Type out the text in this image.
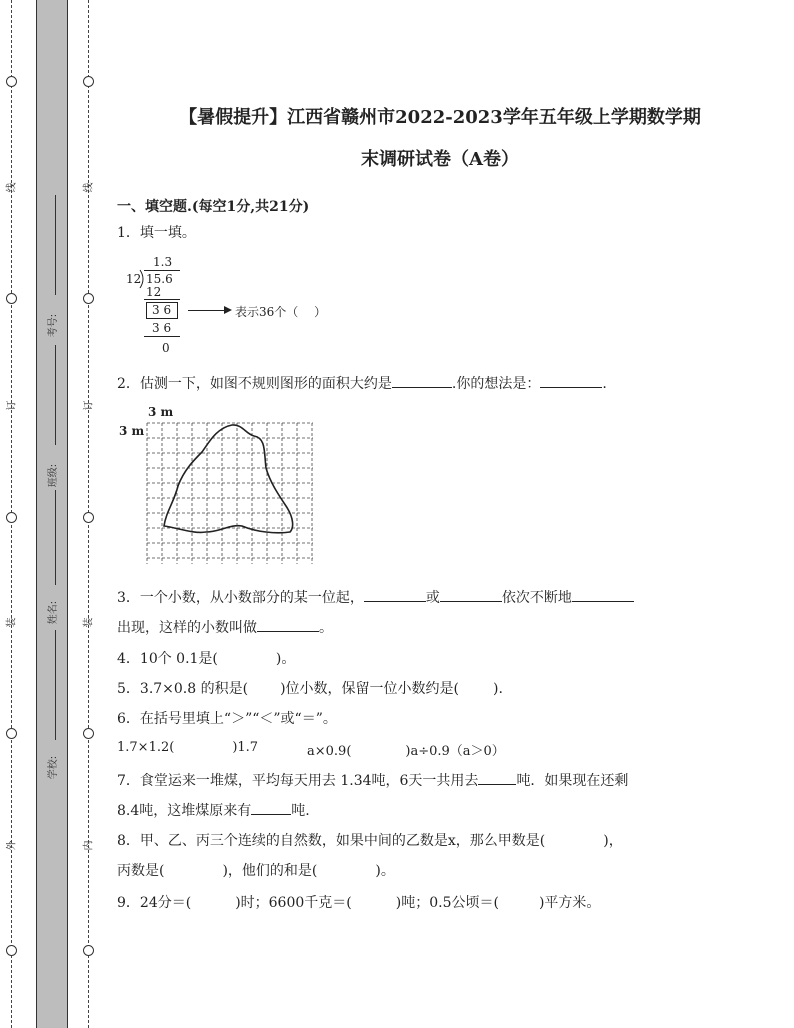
线
订
装
外
线
订
装
内
考号:
班级:
姓名:
学校:
【暑假提升】江西省赣州市2022-2023学年五年级上学期数学期
末调研试卷（A卷）
一、填空题.(每空1分,共21分)
1．填一填。
1.3
12 15.6
12
3 6	表示36个（　 ）
3 6
0
2．估测一下，如图不规则图形的面积大约是	.你的想法是：	.
3 m
3 m
3．一个小数，从小数部分的某一位起，	或	依次不断地
出现，这样的小数叫做	。
4．10个 0.1是(	)。
5．3.7×0.8 的积是( )位小数，保留一位小数约是( ).
6．在括号里填上“＞”“＜”或“＝”。
1.7×1.2(	)1.7	a×0.9(	)a÷0.9（a＞0）
7．食堂运来一堆煤，平均每天用去 1.34吨，6天一共用去	吨．如果现在还剩
8.4吨，这堆煤原来有	吨.
8．甲、乙、丙三个连续的自然数，如果中间的乙数是x，那么甲数是(	)，
丙数是(	)，他们的和是(	)。
9．24分＝(	)时；6600千克＝(	)吨；0.5公顷＝(	)平方米。
